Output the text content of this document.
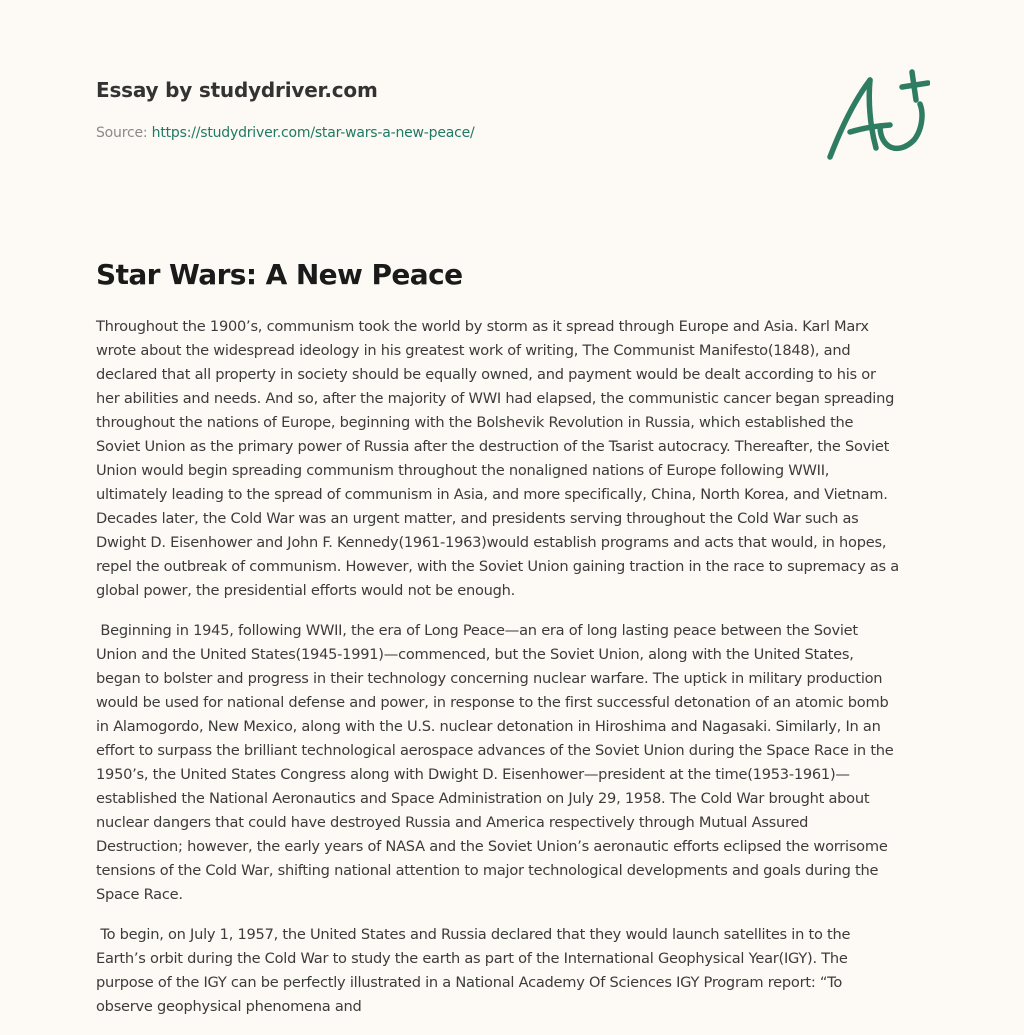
Essay by studydriver.com
Source: https://studydriver.com/star-wars-a-new-peace/
Star Wars: A New Peace

Throughout the 1900’s, communism took the world by storm as it spread through Europe and Asia. Karl Marx
wrote about the widespread ideology in his greatest work of writing, The Communist Manifesto(1848), and
declared that all property in society should be equally owned, and payment would be dealt according to his or
her abilities and needs. And so, after the majority of WWI had elapsed, the communistic cancer began spreading
throughout the nations of Europe, beginning with the Bolshevik Revolution in Russia, which established the
Soviet Union as the primary power of Russia after the destruction of the Tsarist autocracy. Thereafter, the Soviet
Union would begin spreading communism throughout the nonaligned nations of Europe following WWII,
ultimately leading to the spread of communism in Asia, and more specifically, China, North Korea, and Vietnam.
Decades later, the Cold War was an urgent matter, and presidents serving throughout the Cold War such as
Dwight D. Eisenhower and John F. Kennedy(1961-1963)would establish programs and acts that would, in hopes,
repel the outbreak of communism. However, with the Soviet Union gaining traction in the race to supremacy as a
global power, the presidential efforts would not be enough.

Beginning in 1945, following WWII, the era of Long Peace—an era of long lasting peace between the Soviet
Union and the United States(1945-1991)—commenced, but the Soviet Union, along with the United States,
began to bolster and progress in their technology concerning nuclear warfare. The uptick in military production
would be used for national defense and power, in response to the first successful detonation of an atomic bomb
in Alamogordo, New Mexico, along with the U.S. nuclear detonation in Hiroshima and Nagasaki. Similarly, In an
effort to surpass the brilliant technological aerospace advances of the Soviet Union during the Space Race in the
1950’s, the United States Congress along with Dwight D. Eisenhower—president at the time(1953-1961)—
established the National Aeronautics and Space Administration on July 29, 1958. The Cold War brought about
nuclear dangers that could have destroyed Russia and America respectively through Mutual Assured
Destruction; however, the early years of NASA and the Soviet Union’s aeronautic efforts eclipsed the worrisome
tensions of the Cold War, shifting national attention to major technological developments and goals during the
Space Race.

To begin, on July 1, 1957, the United States and Russia declared that they would launch satellites in to the
Earth’s orbit during the Cold War to study the earth as part of the International Geophysical Year(IGY). The
purpose of the IGY can be perfectly illustrated in a National Academy Of Sciences IGY Program report: “To
observe geophysical phenomena and
